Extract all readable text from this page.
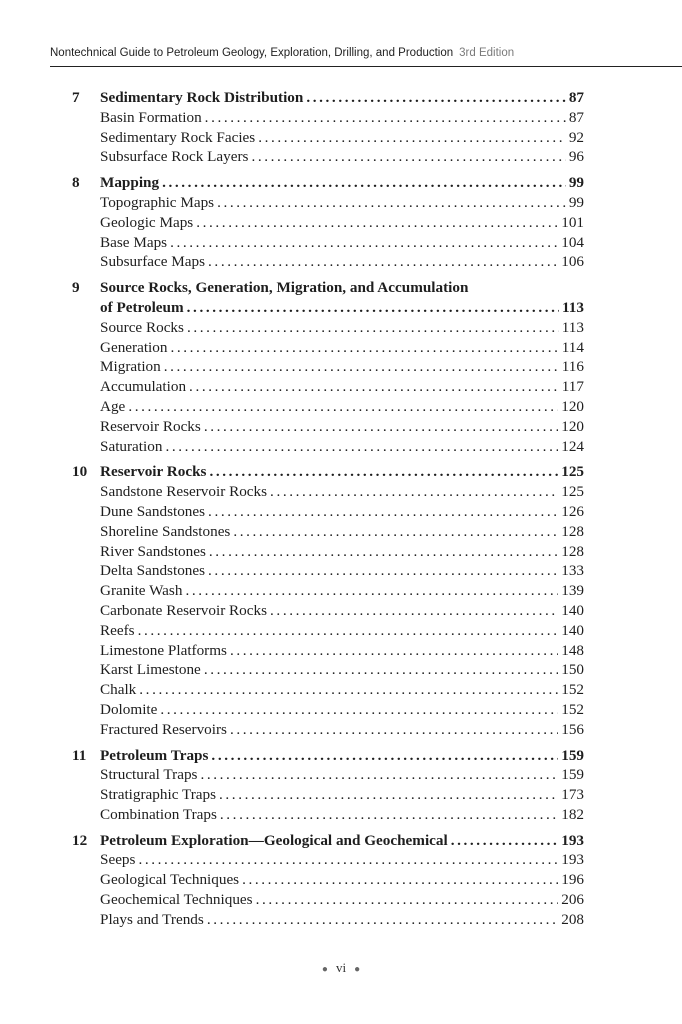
Nontechnical Guide to Petroleum Geology, Exploration, Drilling, and Production 3rd Edition
7	Sedimentary Rock Distribution . . .	87
Basin Formation . . .	87
Sedimentary Rock Facies . . .	92
Subsurface Rock Layers . . .	96
8	Mapping . . .	99
Topographic Maps . . .	99
Geologic Maps . . .	101
Base Maps . . .	104
Subsurface Maps . . .	106
9	Source Rocks, Generation, Migration, and Accumulation
of Petroleum . . .	113
Source Rocks . . .	113
Generation . . .	114
Migration . . .	116
Accumulation . . .	117
Age . . .	120
Reservoir Rocks . . .	120
Saturation . . .	124
10 Reservoir Rocks . . .	125
Sandstone Reservoir Rocks . . .	125
Dune Sandstones . . .	126
Shoreline Sandstones . . .	128
River Sandstones . . .	128
Delta Sandstones . . .	133
Granite Wash . . .	139
Carbonate Reservoir Rocks . . .	140
Reefs . . .	140
Limestone Platforms . . .	148
Karst Limestone . . .	150
Chalk . . .	152
Dolomite . . .	152
Fractured Reservoirs . . .	156
11 Petroleum Traps . . .	159
Structural Traps . . .	159
Stratigraphic Traps . . .	173
Combination Traps . . .	182
12 Petroleum Exploration—Geological and Geochemical . . .	193
Seeps . . .	193
Geological Techniques . . .	196
Geochemical Techniques . . .	206
Plays and Trends . . .	208
● vi ●
